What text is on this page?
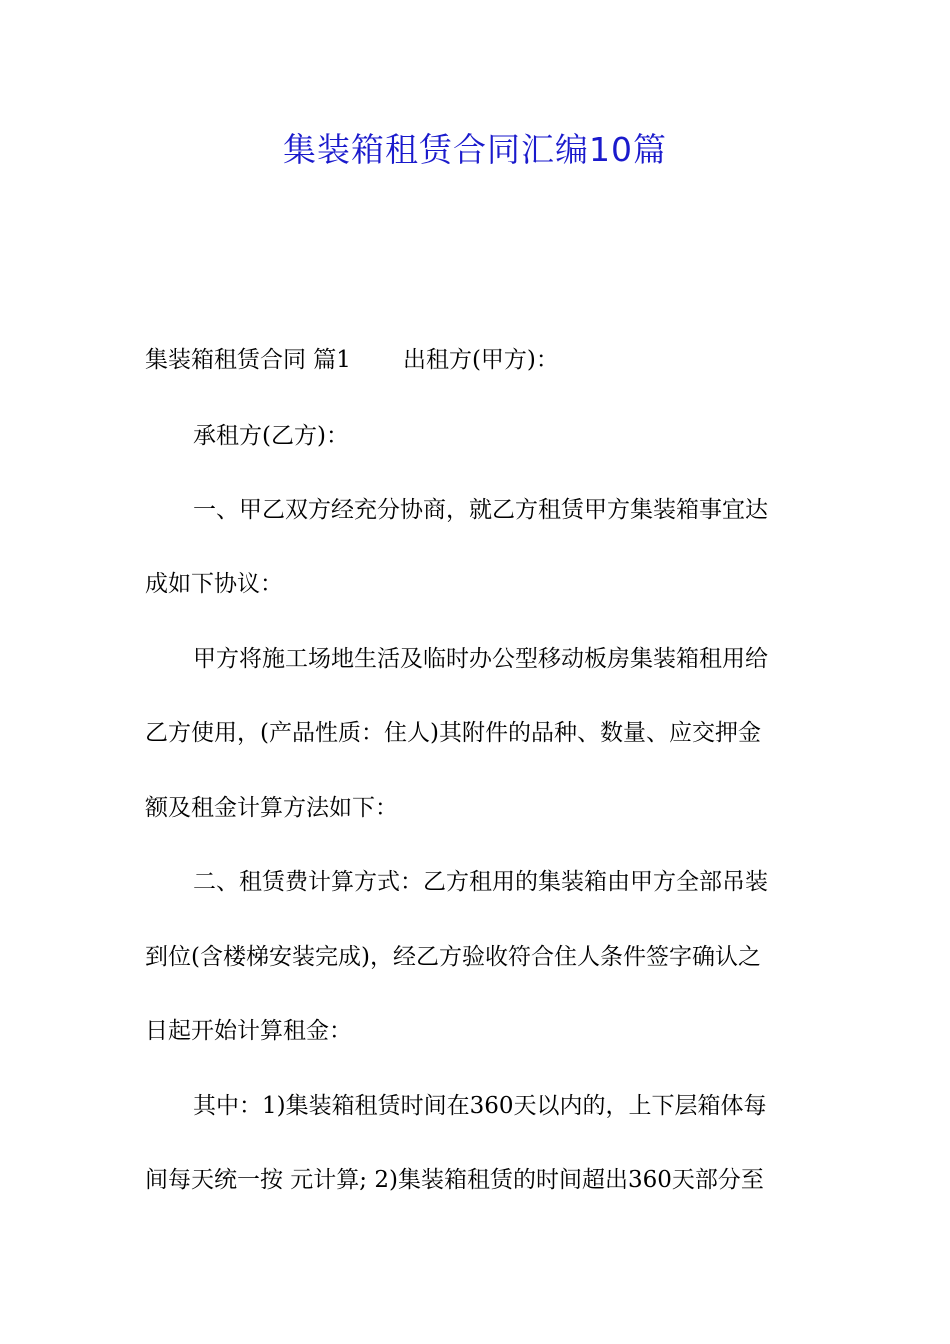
集装箱租赁合同汇编10篇

集装箱租赁合同 篇1 出租方(甲方)：

承租方(乙方)：

一、甲乙双方经充分协商，就乙方租赁甲方集装箱事宜达

成如下协议：

甲方将施工场地生活及临时办公型移动板房集装箱租用给

乙方使用，(产品性质：住人)其附件的品种、数量、应交押金

额及租金计算方法如下：

二、租赁费计算方式：乙方租用的集装箱由甲方全部吊装

到位(含楼梯安装完成)，经乙方验收符合住人条件签字确认之

日起开始计算租金：

其中：1)集装箱租赁时间在360天以内的，上下层箱体每

间每天统一按 元计算; 2)集装箱租赁的时间超出360天部分至
